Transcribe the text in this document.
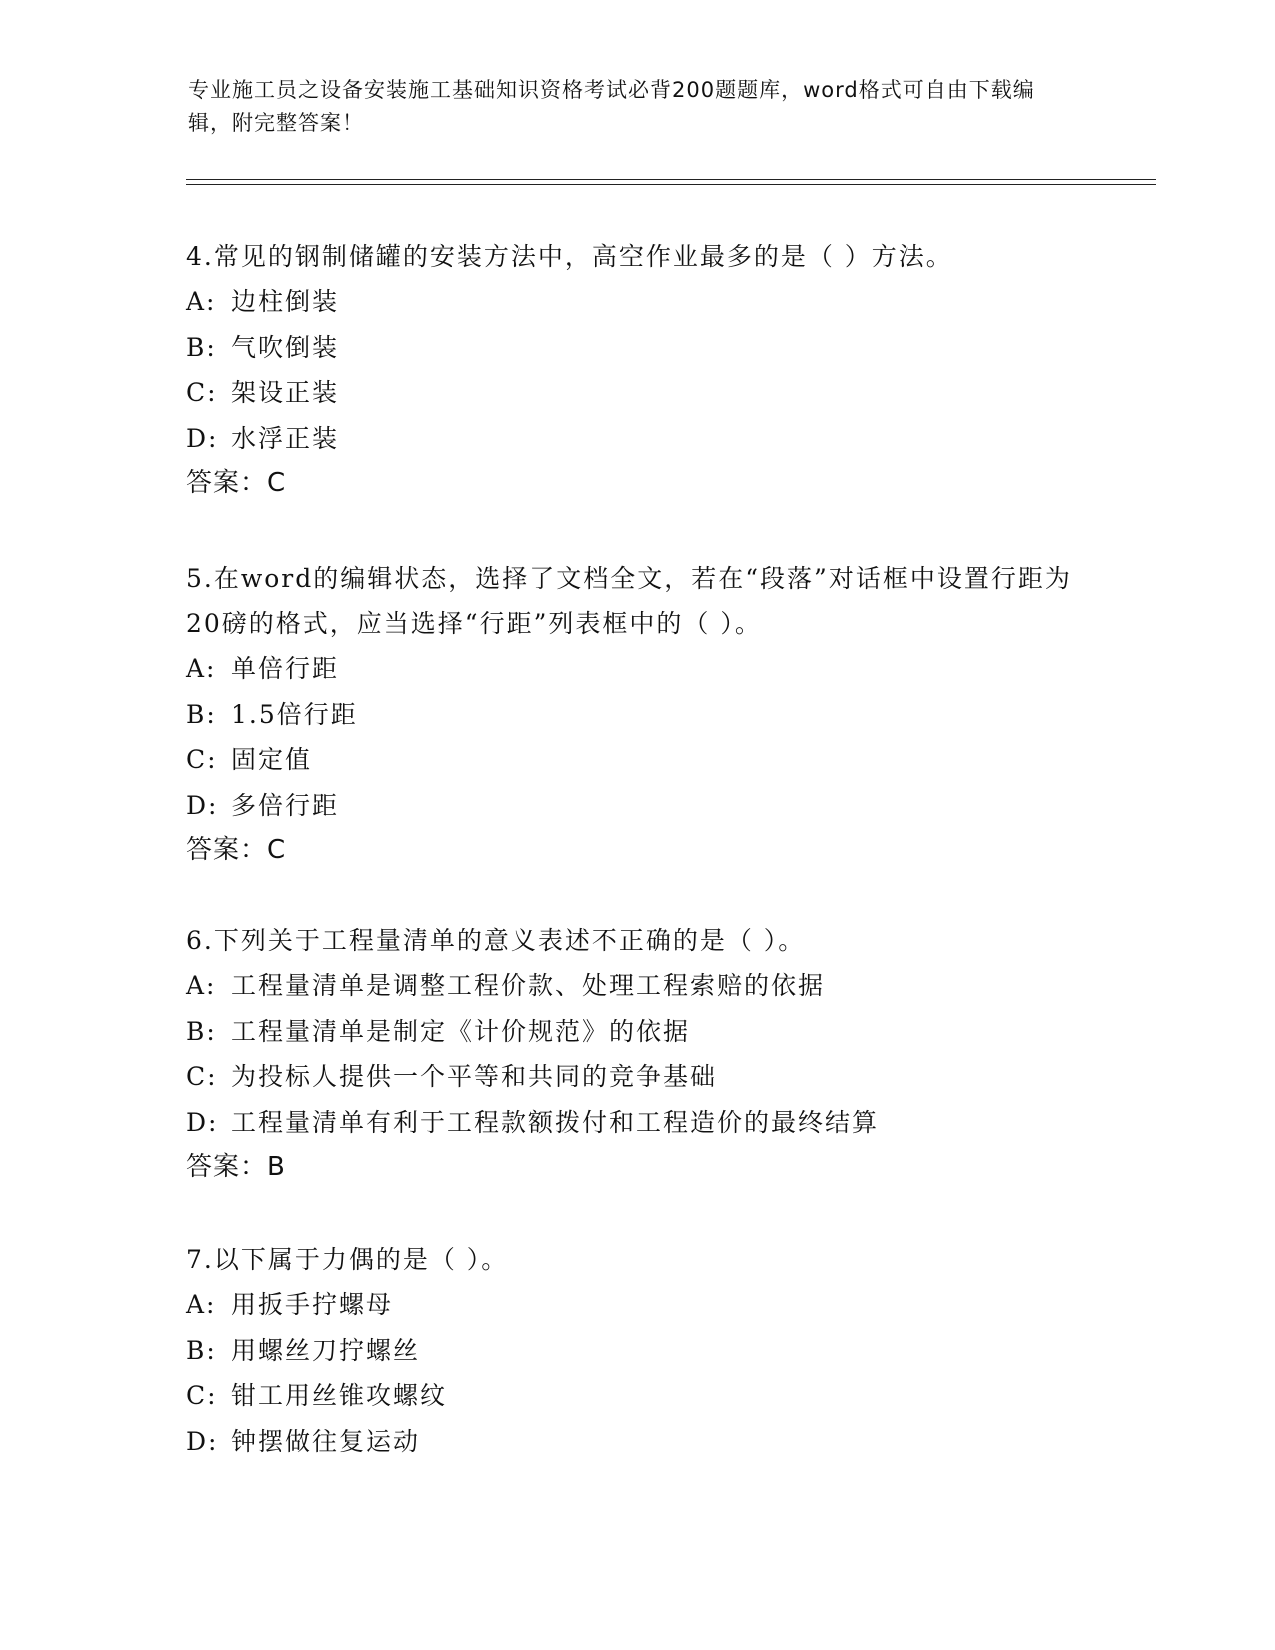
专业施工员之设备安装施工基础知识资格考试必背200题题库，word格式可自由下载编辑，附完整答案！

4.常见的钢制储罐的安装方法中，高空作业最多的是（ ）方法。

A: 边柱倒装
B: 气吹倒装
C: 架设正装
D: 水浮正装
答案：C

5.在word的编辑状态，选择了文档全文，若在“段落”对话框中设置行距为20磅的格式，应当选择“行距”列表框中的（ ）。

A: 单倍行距
B: 1.5倍行距
C: 固定值
D: 多倍行距
答案：C

6.下列关于工程量清单的意义表述不正确的是（ ）。

A: 工程量清单是调整工程价款、处理工程索赔的依据
B: 工程量清单是制定《计价规范》的依据
C: 为投标人提供一个平等和共同的竞争基础
D: 工程量清单有利于工程款额拨付和工程造价的最终结算
答案：B

7.以下属于力偶的是（ ）。

A: 用扳手拧螺母
B: 用螺丝刀拧螺丝
C: 钳工用丝锥攻螺纹
D: 钟摆做往复运动
